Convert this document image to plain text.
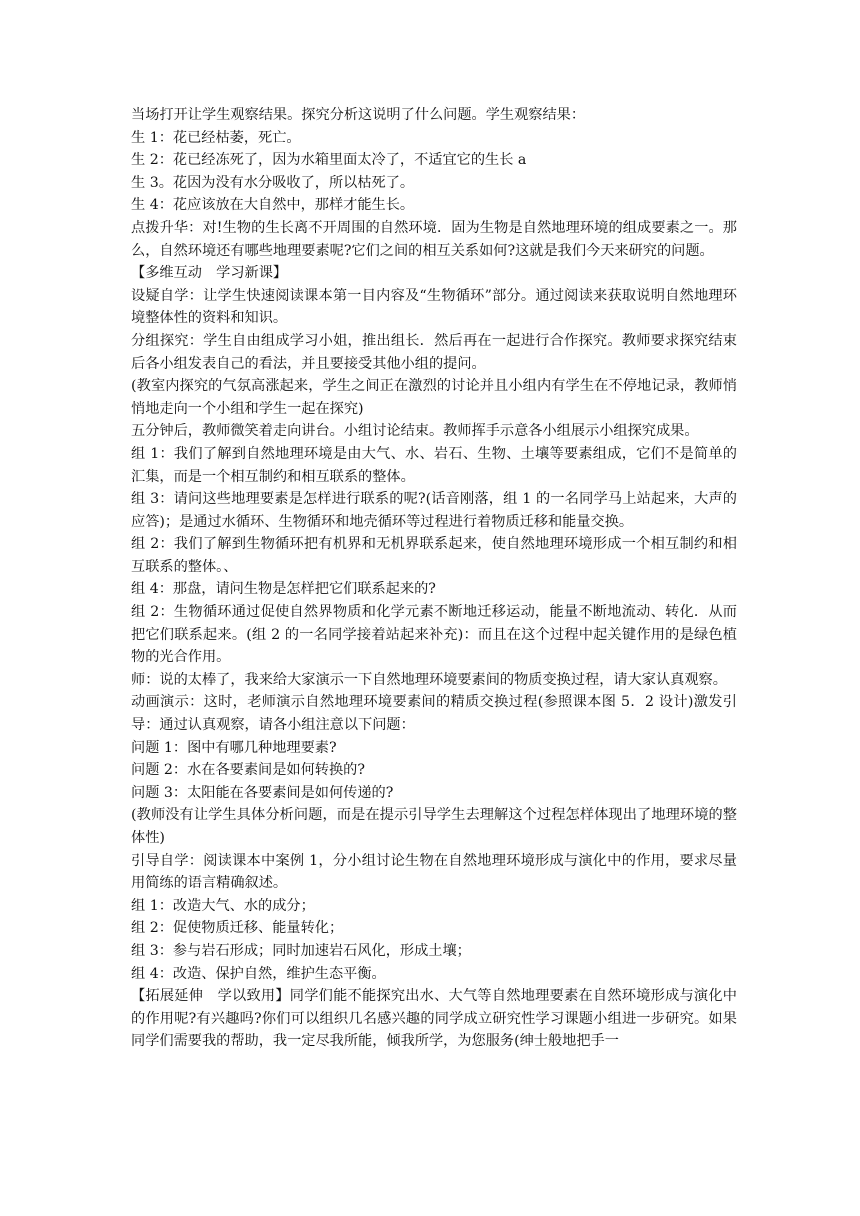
当场打开让学生观察结果。探究分析这说明了什么问题。学生观察结果：

生 1：花已经枯萎，死亡。

生 2：花已经冻死了，因为水箱里面太冷了，不适宜它的生长 a

生 3。花因为没有水分吸收了，所以枯死了。

生 4：花应该放在大自然中，那样才能生长。

点拨升华：对!生物的生长离不开周围的自然环境．固为生物是自然地理环境的组成要素之一。那么，自然环境还有哪些地理要素呢?它们之间的相互关系如何?这就是我们今天来研究的问题。

【多维互动　学习新课】

设疑自学：让学生快速阅读课本第一目内容及“生物循环”部分。通过阅读来获取说明自然地理环境整体性的资料和知识。

分组探究：学生自由组成学习小姐，推出组长．然后再在一起进行合作探究。教师要求探究结束后各小组发表自己的看法，并且要接受其他小组的提问。

(教室内探究的气氛高涨起来，学生之间正在激烈的讨论并且小组内有学生在不停地记录，教师悄悄地走向一个小组和学生一起在探究)

五分钟后，教师微笑着走向讲台。小组讨论结束。教师挥手示意各小组展示小组探究成果。

组 1：我们了解到自然地理环境是由大气、水、岩石、生物、土壤等要素组成，它们不是简单的汇集，而是一个相互制约和相互联系的整体。

组 3：请问这些地理要素是怎样进行联系的呢?(话音刚落，组 1 的一名同学马上站起来，大声的应答)；是通过水循环、生物循环和地壳循环等过程进行着物质迁移和能量交换。

组 2：我们了解到生物循环把有机界和无机界联系起来，使自然地理环境形成一个相互制约和相互联系的整体。、

组 4：那盘，请问生物是怎样把它们联系起来的?

组 2：生物循环通过促使自然界物质和化学元素不断地迁移运动，能量不断地流动、转化．从而把它们联系起来。(组 2 的一名同学接着站起来补充)：而且在这个过程中起关键作用的是绿色植物的光合作用。

师：说的太棒了，我来给大家演示一下自然地理环境要素间的物质变换过程，请大家认真观察。

动画演示：这时，老师演示自然地理环境要素间的精质交换过程(参照课本图 5．2 设计)激发引导：通过认真观察，请各小组注意以下问题：

问题 1：图中有哪几种地理要素?

问题 2：水在各要素间是如何转换的?

问题 3：太阳能在各要素间是如何传递的?

(教师没有让学生具体分析问题，而是在提示引导学生去理解这个过程怎样体现出了地理环境的整体性)

引导自学：阅读课本中案例 1，分小组讨论生物在自然地理环境形成与演化中的作用，要求尽量用简练的语言精确叙述。

组 1：改造大气、水的成分；

组 2：促使物质迁移、能量转化；

组 3：参与岩石形成；同时加速岩石风化，形成土壤；

组 4：改造、保护自然，维护生态平衡。

【拓展延伸　学以致用】同学们能不能探究出水、大气等自然地理要素在自然环境形成与演化中的作用呢?有兴趣吗?你们可以组织几名感兴趣的同学成立研究性学习课题小组进一步研究。如果同学们需要我的帮助，我一定尽我所能，倾我所学，为您服务(绅士般地把手一
